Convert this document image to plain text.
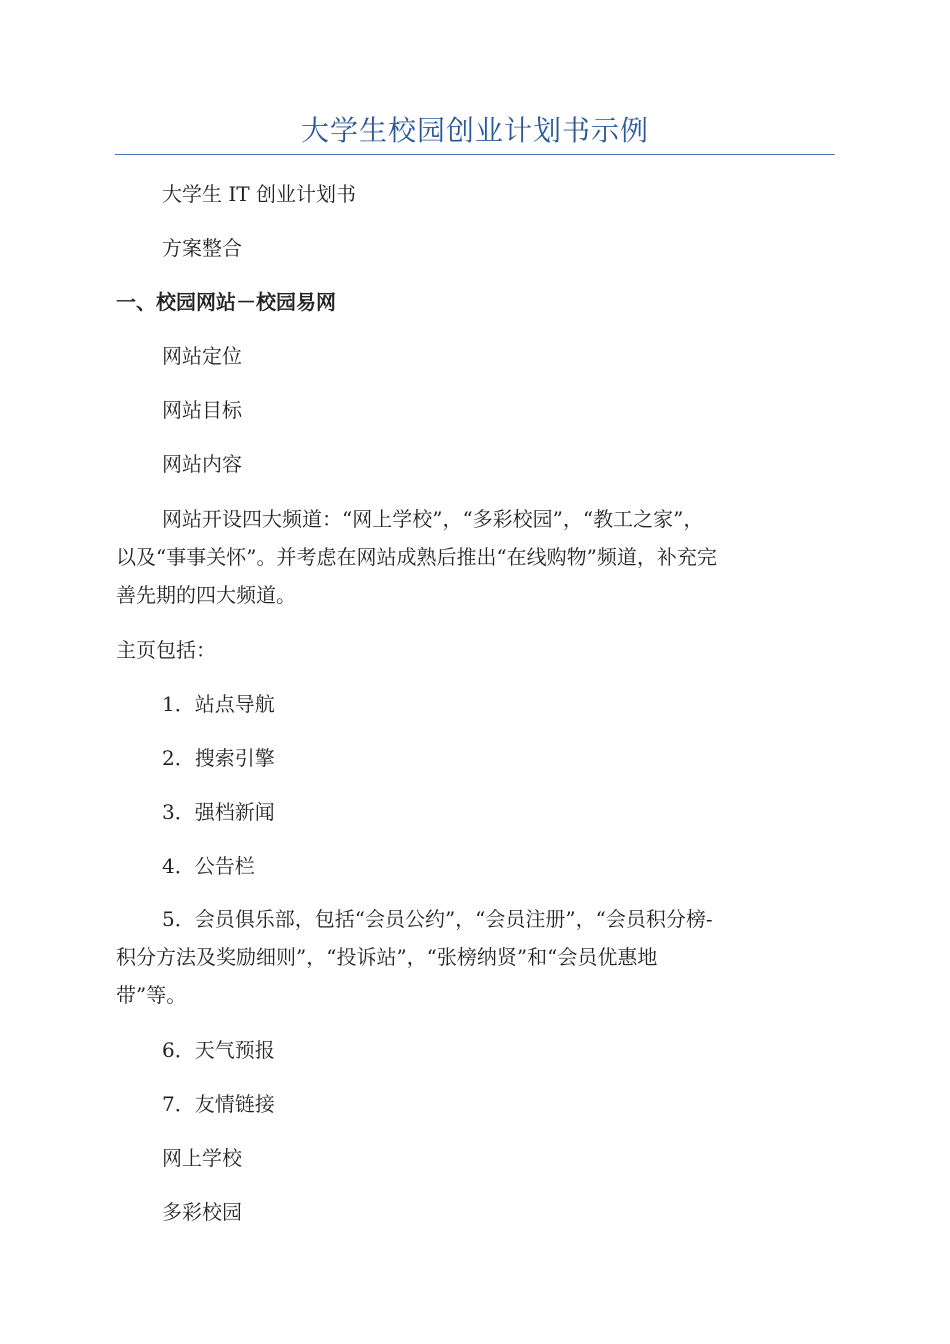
大学生校园创业计划书示例
大学生 IT 创业计划书
方案整合
一、校园网站－校园易网
网站定位
网站目标
网站内容
网站开设四大频道：“网上学校”，“多彩校园”，“教工之家”，
以及“事事关怀”。并考虑在网站成熟后推出“在线购物”频道，补充完
善先期的四大频道。
主页包括：
1．站点导航
2．搜索引擎
3．强档新闻
4．公告栏
5．会员俱乐部，包括“会员公约”，“会员注册”，“会员积分榜-
积分方法及奖励细则”，“投诉站”，“张榜纳贤”和“会员优惠地
带”等。
6．天气预报
7．友情链接
网上学校
多彩校园
